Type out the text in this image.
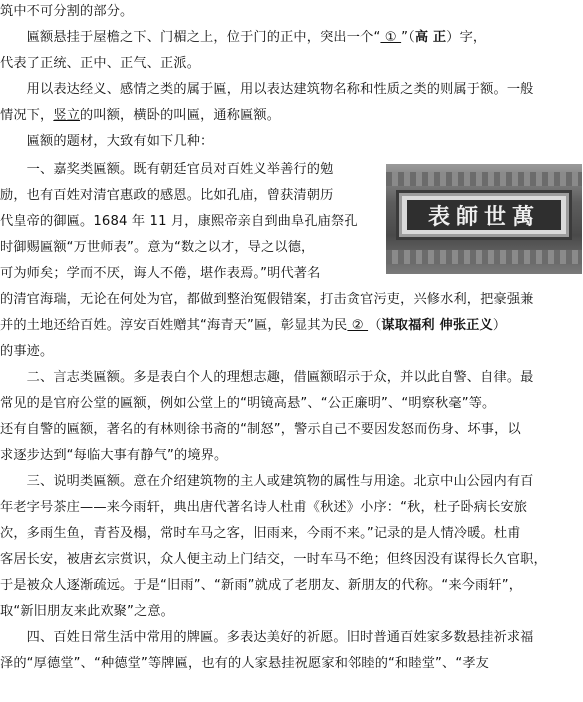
筑中不可分割的部分。
　　匾额悬挂于屋檐之下、门楣之上，位于门的正中，突出一个“ ① ”（高 正）字，
代表了正统、正中、正气、正派。
　　用以表达经义、感情之类的属于匾，用以表达建筑物名称和性质之类的则属于额。一般
情况下，竖立的叫额，横卧的叫匾，通称匾额。
　　匾额的题材，大致有如下几种：
　　一、嘉奖类匾额。既有朝廷官员对百姓义举善行的勉
励，也有百姓对清官惠政的感恩。比如孔庙，曾获清朝历
代皇帝的御匾。1684 年 11 月，康熙帝亲自到曲阜孔庙祭孔
时御赐匾额“万世师表”。意为“数之以才，导之以德，
可为师矣；学而不厌，诲人不倦，堪作表焉。”明代著名
的清官海瑞，无论在何处为官，都做到整治冤假错案，打击贪官污吏，兴修水利，把豪强兼
并的土地还给百姓。淳安百姓赠其“海青天”匾，彰显其为民 ② （谋取福利 伸张正义）
的事迹。
　　二、言志类匾额。多是表白个人的理想志趣，借匾额昭示于众，并以此自警、自律。最
常见的是官府公堂的匾额，例如公堂上的“明镜高悬”、“公正廉明”、“明察秋毫”等。
还有自警的匾额，著名的有林则徐书斋的“制怒”，警示自己不要因发怒而伤身、坏事，以
求逐步达到“每临大事有静气”的境界。
　　三、说明类匾额。意在介绍建筑物的主人或建筑物的属性与用途。北京中山公园内有百
年老字号茶庄——来今雨轩，典出唐代著名诗人杜甫《秋述》小序：“秋，杜子卧病长安旅
次，多雨生鱼，青苔及榻，常时车马之客，旧雨来，今雨不来。”记录的是人情冷暖。杜甫
客居长安，被唐玄宗赏识，众人便主动上门结交，一时车马不绝；但终因没有谋得长久官职，
于是被众人逐渐疏远。于是“旧雨”、“新雨”就成了老朋友、新朋友的代称。“来今雨轩”，
取“新旧朋友来此欢聚”之意。
　　四、百姓日常生活中常用的牌匾。多表达美好的祈愿。旧时普通百姓家多数悬挂祈求福
泽的“厚德堂”、“种德堂”等牌匾，也有的人家悬挂祝愿家和邻睦的“和睦堂”、“孝友
表師世萬
